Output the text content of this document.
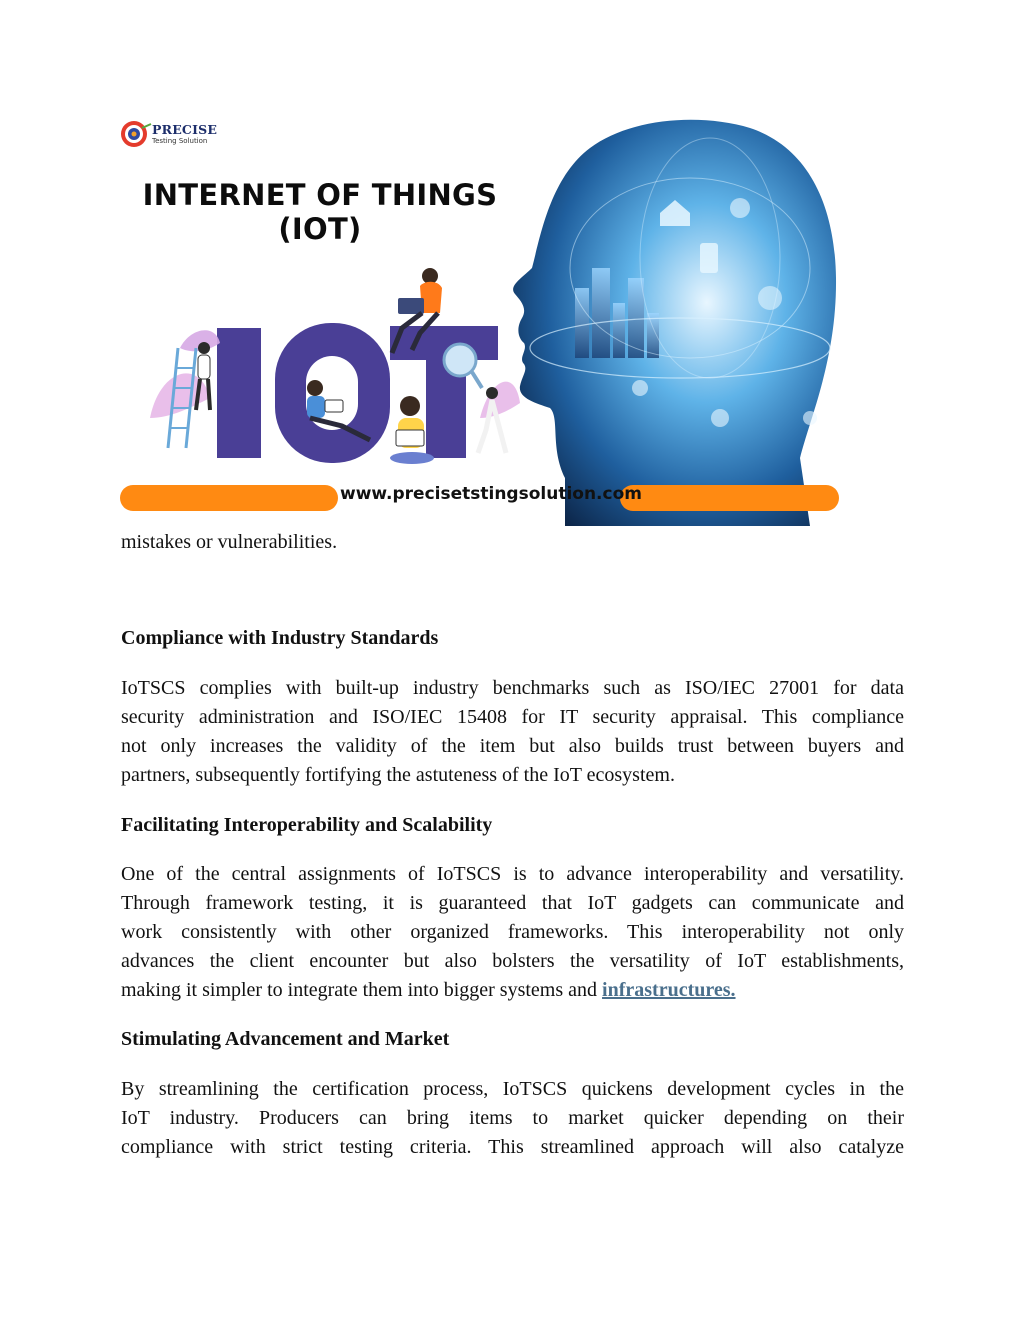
PRECISE
Testing Solution
INTERNET OF THINGS
(IOT)
www.precisetstingsolution.com
mistakes or vulnerabilities.
Compliance with Industry Standards
IoTSCS complies with built-up industry benchmarks such as ISO/IEC 27001 for data
security administration and ISO/IEC 15408 for IT security appraisal. This compliance
not only increases the validity of the item but also builds trust between buyers and
partners, subsequently fortifying the astuteness of the IoT ecosystem.
Facilitating Interoperability and Scalability
One of the central assignments of IoTSCS is to advance interoperability and versatility.
Through framework testing, it is guaranteed that IoT gadgets can communicate and
work consistently with other organized frameworks. This interoperability not only
advances the client encounter but also bolsters the versatility of IoT establishments,
making it simpler to integrate them into bigger systems and infrastructures.
Stimulating Advancement and Market
By streamlining the certification process, IoTSCS quickens development cycles in the
IoT industry. Producers can bring items to market quicker depending on their
compliance with strict testing criteria. This streamlined approach will also catalyze
